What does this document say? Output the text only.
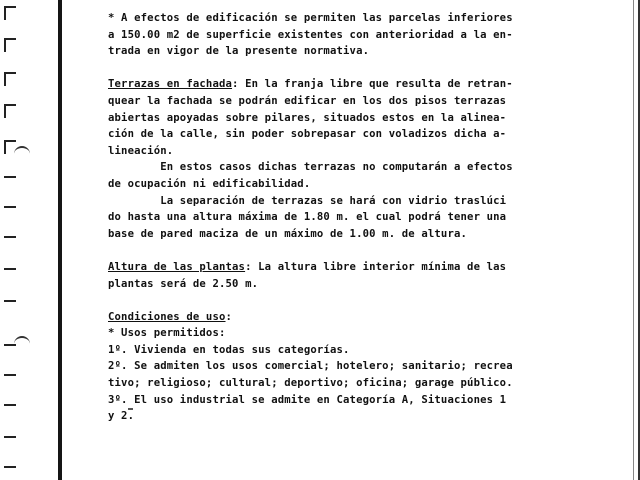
* A efectos de edificación se permiten las parcelas inferiores
a 150.00 m2 de superficie existentes con anterioridad a la en-
trada en vigor de la presente normativa.
Terrazas en fachada: En la franja libre que resulta de retran-
quear la fachada se podrán edificar en los dos pisos terrazas
abiertas apoyadas sobre pilares, situados estos en la alinea-
ción de la calle, sin poder sobrepasar con voladizos dicha a-
lineación.
En estos casos dichas terrazas no computarán a efectos
de ocupación ni edificabilidad.
La separación de terrazas se hará con vidrio traslúci
do hasta una altura máxima de 1.80 m. el cual podrá tener una
base de pared maciza de un máximo de 1.00 m. de altura.
Altura de las plantas: La altura libre interior mínima de las
plantas será de 2.50 m.
Condiciones de uso:
* Usos permitidos:
1º. Vivienda en todas sus categorías.
2º. Se admiten los usos comercial; hotelero; sanitario; recrea
tivo; religioso; cultural; deportivo; oficina; garage público.
3º. El uso industrial se admite en Categoría A, Situaciones 1
y 2.
